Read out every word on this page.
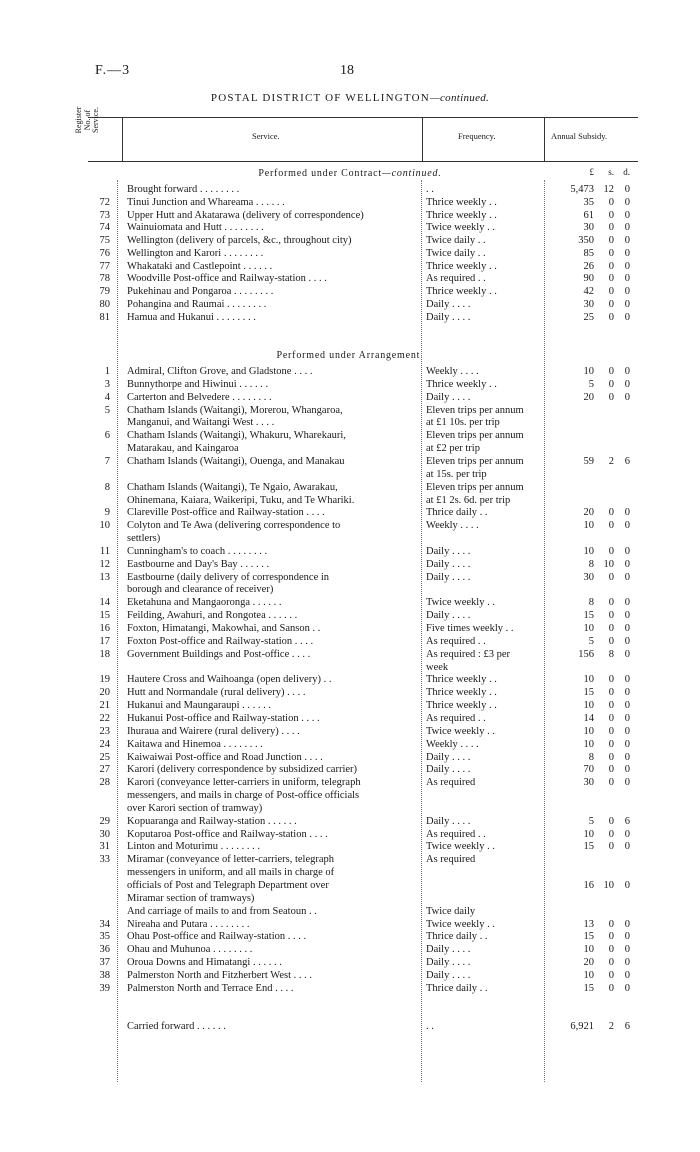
F.—3	18
POSTAL DISTRICT OF WELLINGTON—continued.
Register No. of Service.
Service.	Frequency.	Annual Subsidy.
Performed under Contract—continued.	£	s.	d.
Brought forward . . . . . . . .	. .	5,473 12	0
72 Tinui Junction and Whareama . . . . . .	Thrice weekly . .	35	0	0
73 Upper Hutt and Akatarawa (delivery of correspondence)	Thrice weekly . .	61	0	0
74 Wainuiomata and Hutt . . . . . . . .	Twice weekly . .	30	0	0
75 Wellington (delivery of parcels, &c., throughout city)	Twice daily . .	350	0	0
76 Wellington and Karori . . . . . . . .	Twice daily . .	85	0	0
77 Whakataki and Castlepoint . . . . . .	Thrice weekly . .	26	0	0
78 Woodville Post-office and Railway-station . . . .	As required . .	90	0	0
79 Pukehinau and Pongaroa . . . . . . . .	Thrice weekly . .	42	0	0
80 Pohangina and Raumai . . . . . . . .	Daily . . . .	30	0	0
81 Hamua and Hukanui . . . . . . . .	Daily . . . .	25	0	0
Performed under Arrangement.
1 Admiral, Clifton Grove, and Gladstone . . . .	Weekly . . . .	10	0	0
3 Bunnythorpe and Hiwinui . . . . . .	Thrice weekly . .	5	0	0
4 Carterton and Belvedere . . . . . . . .	Daily . . . .	20	0	0
5 Chatham Islands (Waitangi), Morerou, Whangaroa,	Eleven trips per annum
Manganui, and Waitangi West . . . .	at £1 10s. per trip
6 Chatham Islands (Waitangi), Whakuru, Wharekauri,	Eleven trips per annum
Matarakau, and Kaingaroa	at £2 per trip
7 Chatham Islands (Waitangi), Ouenga, and Manakau	Eleven trips per annum	59	2	6
at 15s. per trip
8 Chatham Islands (Waitangi), Te Ngaio, Awarakau,	Eleven trips per annum
Ohinemana, Kaiara, Waikeripi, Tuku, and Te Whariki.	at £1 2s. 6d. per trip
9 Clareville Post-office and Railway-station . . . .	Thrice daily . .	20	0	0
10 Colyton and Te Awa (delivering correspondence to	Weekly . . . .	10	0	0
settlers)
11 Cunningham's to coach . . . . . . . .	Daily . . . .	10	0	0
12 Eastbourne and Day's Bay . . . . . .	Daily . . . .	8 10	0
13 Eastbourne (daily delivery of correspondence in	Daily . . . .	30	0	0
borough and clearance of receiver)
14 Eketahuna and Mangaoronga . . . . . .	Twice weekly . .	8	0	0
15 Feilding, Awahuri, and Rongotea . . . . . .	Daily . . . .	15	0	0
16 Foxton, Himatangi, Makowhai, and Sanson . .	Five times weekly . .	10	0	0
17 Foxton Post-office and Railway-station . . . .	As required . .	5	0	0
18 Government Buildings and Post-office . . . .	As required : £3 per	156	8	0
week
19 Hautere Cross and Waihoanga (open delivery) . .	Thrice weekly . .	10	0	0
20 Hutt and Normandale (rural delivery) . . . .	Thrice weekly . .	15	0	0
21 Hukanui and Maungaraupi . . . . . .	Thrice weekly . .	10	0	0
22 Hukanui Post-office and Railway-station . . . .	As required . .	14	0	0
23 Ihuraua and Wairere (rural delivery) . . . .	Twice weekly . .	10	0	0
24 Kaitawa and Hinemoa . . . . . . . .	Weekly . . . .	10	0	0
25 Kaiwaiwai Post-office and Road Junction . . . .	Daily . . . .	8	0	0
27 Karori (delivery correspondence by subsidized carrier)	Daily . . . .	70	0	0
28 Karori (conveyance letter-carriers in uniform, telegraph	As required	30	0	0
messengers, and mails in charge of Post-office officials
over Karori section of tramway)
29 Kopuaranga and Railway-station . . . . . .	Daily . . . .	5	0	6
30 Koputaroa Post-office and Railway-station . . . .	As required . .	10	0	0
31 Linton and Moturimu . . . . . . . .	Twice weekly . .	15	0	0
33 Miramar (conveyance of letter-carriers, telegraph	As required
messengers in uniform, and all mails in charge of
officials of Post and Telegraph Department over	16 10	0
Miramar section of tramways)
And carriage of mails to and from Seatoun . .	Twice daily
34 Nireaha and Putara . . . . . . . .	Twice weekly . .	13	0	0
35 Ohau Post-office and Railway-station . . . .	Thrice daily . .	15	0	0
36 Ohau and Muhunoa . . . . . . . .	Daily . . . .	10	0	0
37 Oroua Downs and Himatangi . . . . . .	Daily . . . .	20	0	0
38 Palmerston North and Fitzherbert West . . . .	Daily . . . .	10	0	0
39 Palmerston North and Terrace End . . . .	Thrice daily . .	15	0	0
Carried forward . . . . . .	. .	6,921	2	6
